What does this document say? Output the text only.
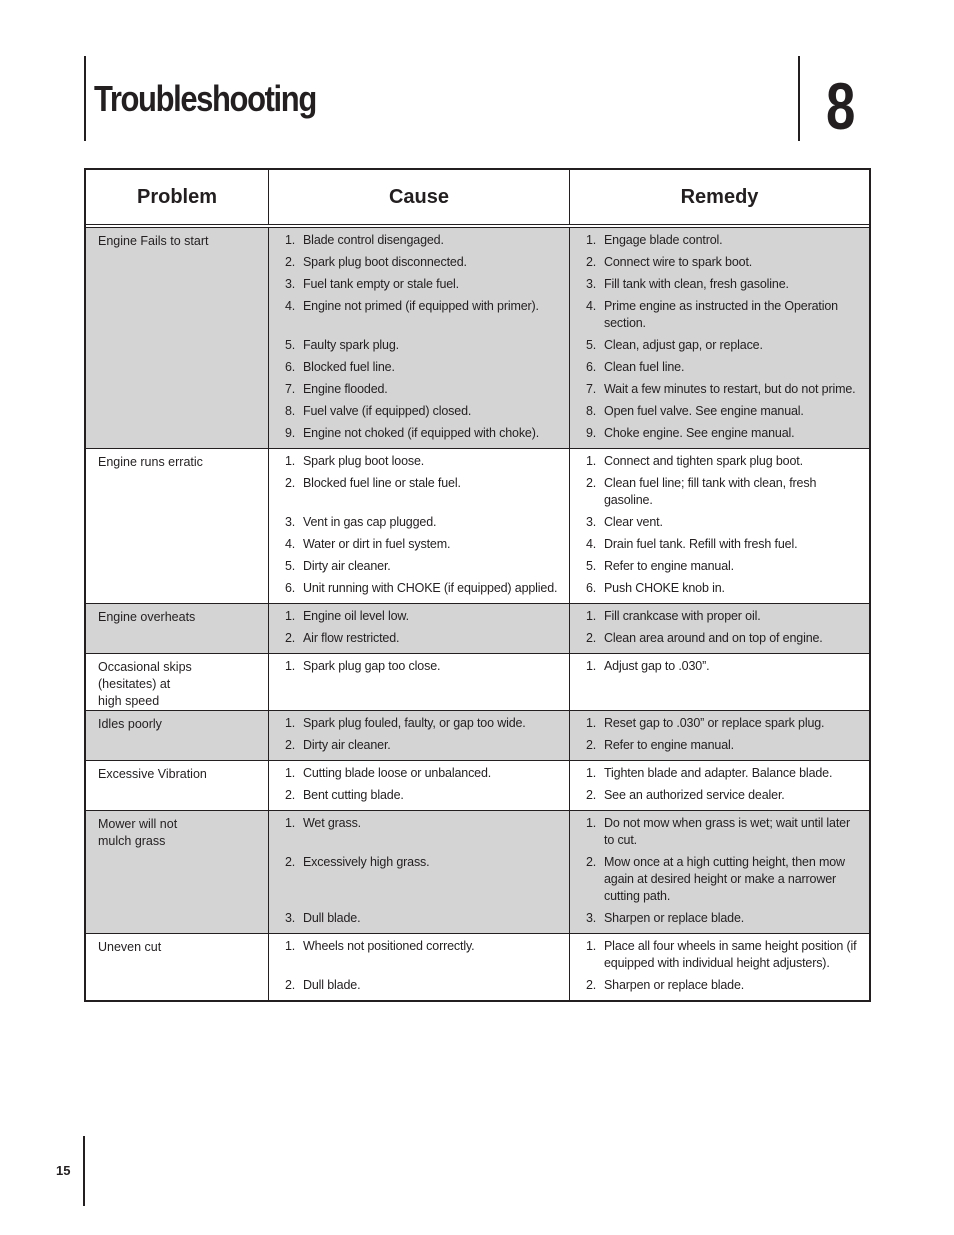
Troubleshooting	8
Problem	Cause	Remedy
Engine Fails to start	1. Blade control disengaged.	1. Engage blade control.
2. Spark plug boot disconnected.	2. Connect wire to spark boot.
3. Fuel tank empty or stale fuel.	3. Fill tank with clean, fresh gasoline.
4. Engine not primed (if equipped with primer).	4. Prime engine as instructed in the Operation section.
5. Faulty spark plug.	5. Clean, adjust gap, or replace.
6. Blocked fuel line.	6. Clean fuel line.
7. Engine flooded.	7. Wait a few minutes to restart, but do not prime.
8. Fuel valve (if equipped) closed.	8. Open fuel valve. See engine manual.
9. Engine not choked (if equipped with choke).	9. Choke engine. See engine manual.
Engine runs erratic	1. Spark plug boot loose.	1. Connect and tighten spark plug boot.
2. Blocked fuel line or stale fuel.	2. Clean fuel line; fill tank with clean, fresh gasoline.
3. Vent in gas cap plugged.	3. Clear vent.
4. Water or dirt in fuel system.	4. Drain fuel tank. Refill with fresh fuel.
5. Dirty air cleaner.	5. Refer to engine manual.
6. Unit running with CHOKE (if equipped) applied. 6. Push CHOKE knob in.
Engine overheats	1. Engine oil level low.	1. Fill crankcase with proper oil.
2. Air flow restricted.	2. Clean area around and on top of engine.
Occasional skips
(hesitates) at
high speed
1. Spark plug gap too close.	1. Adjust gap to .030”.
Idles poorly	1. Spark plug fouled, faulty, or gap too wide.	1. Reset gap to .030” or replace spark plug.
2. Dirty air cleaner.	2. Refer to engine manual.
Excessive Vibration	1. Cutting blade loose or unbalanced.	1. Tighten blade and adapter. Balance blade.
2. Bent cutting blade.	2. See an authorized service dealer.
Mower will not
mulch grass
1. Wet grass.	1. Do not mow when grass is wet; wait until later to cut.
2. Excessively high grass.	2. Mow once at a high cutting height, then mow again at desired height or make a narrower cutting path.
3. Dull blade.	3. Sharpen or replace blade.
Uneven cut	1. Wheels not positioned correctly.	1. Place all four wheels in same height position (if equipped with individual height adjusters).
2. Dull blade.	2. Sharpen or replace blade.
15
